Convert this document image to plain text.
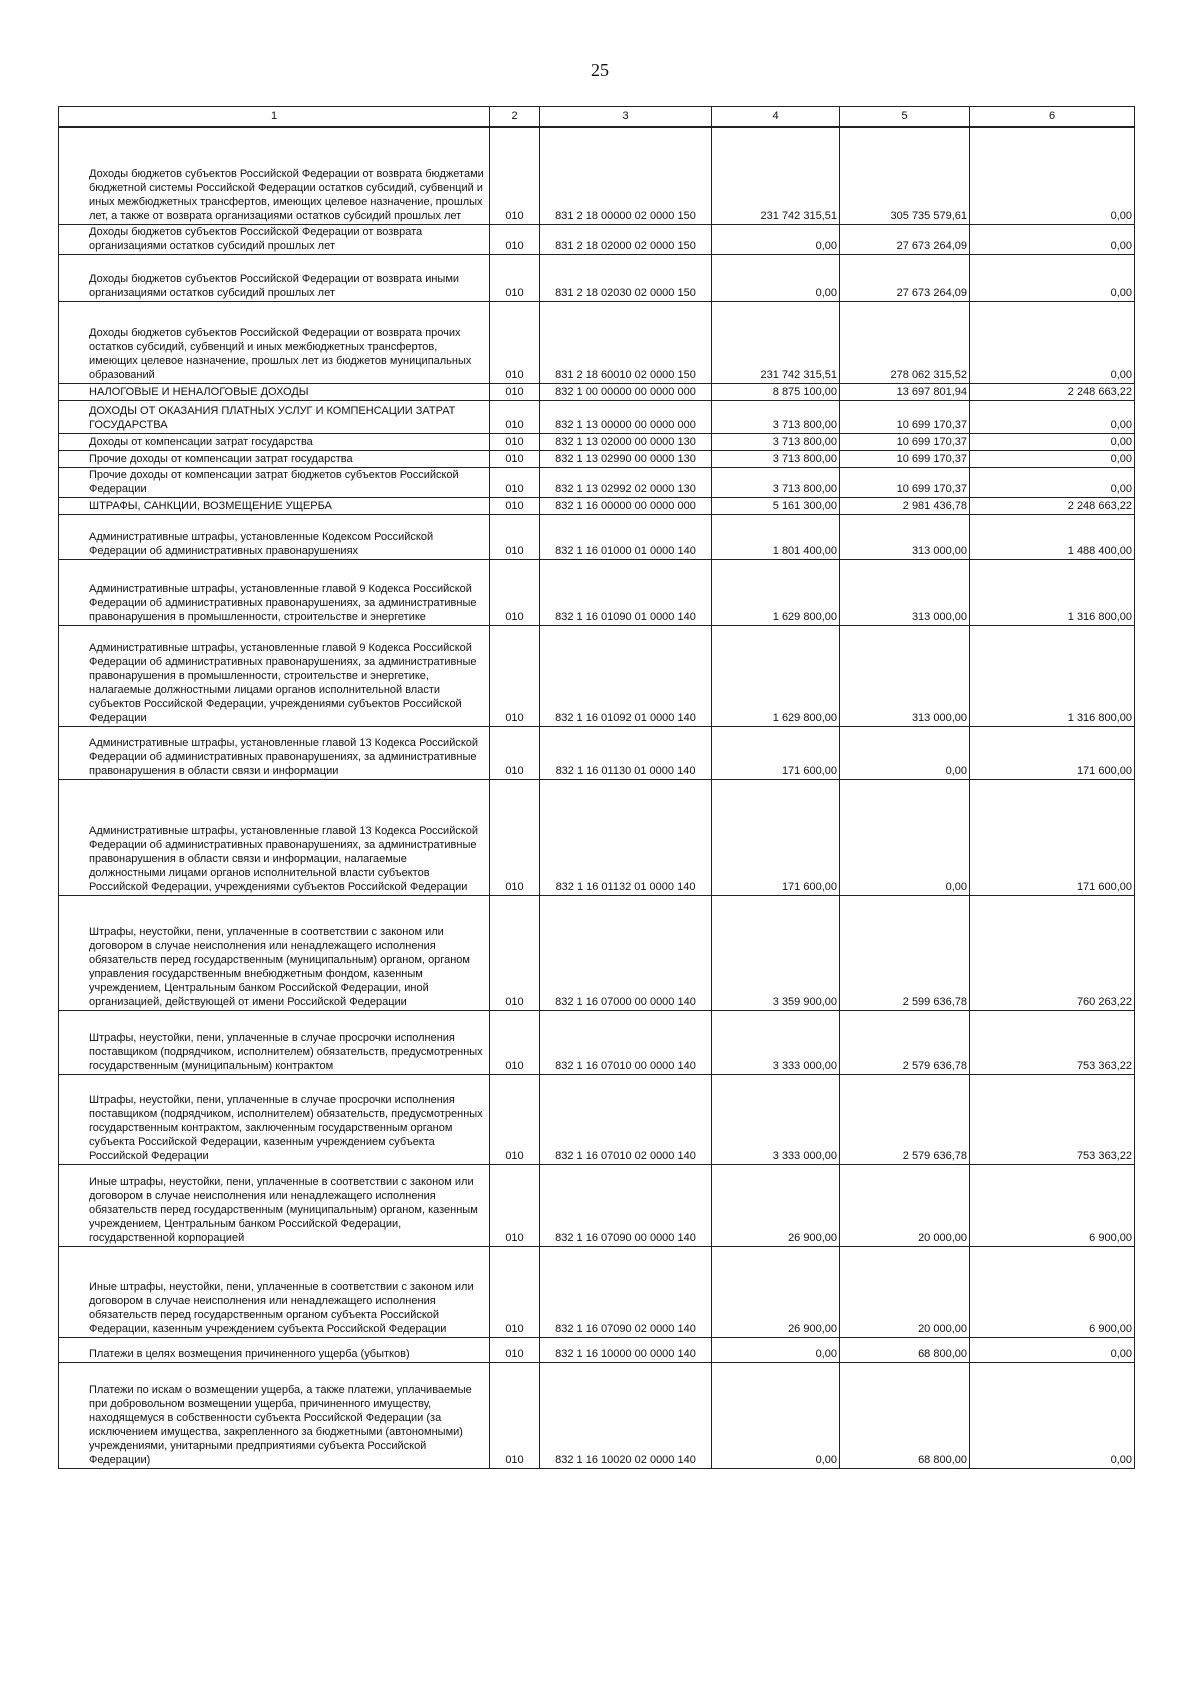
25
1	2	3	4	5	6
Доходы бюджетов субъектов Российской Федерации от возврата бюджетами бюджетной системы Российской Федерации остатков субсидий, субвенций и иных межбюджетных трансфертов, имеющих целевое назначение, прошлых лет, а также от возврата организациями остатков субсидий прошлых лет	010	831 2 18 00000 02 0000 150	231 742 315,51	305 735 579,61	0,00
Доходы бюджетов субъектов Российской Федерации от возврата организациями остатков субсидий прошлых лет	010	831 2 18 02000 02 0000 150	0,00	27 673 264,09	0,00
Доходы бюджетов субъектов Российской Федерации от возврата иными организациями остатков субсидий прошлых лет	010	831 2 18 02030 02 0000 150	0,00	27 673 264,09	0,00
Доходы бюджетов субъектов Российской Федерации от возврата прочих остатков субсидий, субвенций и иных межбюджетных трансфертов, имеющих целевое назначение, прошлых лет из бюджетов муниципальных образований	010	831 2 18 60010 02 0000 150	231 742 315,51	278 062 315,52	0,00
НАЛОГОВЫЕ И НЕНАЛОГОВЫЕ ДОХОДЫ	010	832 1 00 00000 00 0000 000	8 875 100,00	13 697 801,94	2 248 663,22
ДОХОДЫ ОТ ОКАЗАНИЯ ПЛАТНЫХ УСЛУГ И КОМПЕНСАЦИИ ЗАТРАТ ГОСУДАРСТВА	010	832 1 13 00000 00 0000 000	3 713 800,00	10 699 170,37	0,00
Доходы от компенсации затрат государства	010	832 1 13 02000 00 0000 130	3 713 800,00	10 699 170,37	0,00
Прочие доходы от компенсации затрат государства	010	832 1 13 02990 00 0000 130	3 713 800,00	10 699 170,37	0,00
Прочие доходы от компенсации затрат бюджетов субъектов Российской Федерации	010	832 1 13 02992 02 0000 130	3 713 800,00	10 699 170,37	0,00
ШТРАФЫ, САНКЦИИ, ВОЗМЕЩЕНИЕ УЩЕРБА	010	832 1 16 00000 00 0000 000	5 161 300,00	2 981 436,78	2 248 663,22
Административные штрафы, установленные Кодексом Российской Федерации об административных правонарушениях	010	832 1 16 01000 01 0000 140	1 801 400,00	313 000,00	1 488 400,00
Административные штрафы, установленные главой 9 Кодекса Российской Федерации об административных правонарушениях, за административные правонарушения в промышленности, строительстве и энергетике	010	832 1 16 01090 01 0000 140	1 629 800,00	313 000,00	1 316 800,00
Административные штрафы, установленные главой 9 Кодекса Российской Федерации об административных правонарушениях, за административные правонарушения в промышленности, строительстве и энергетике, налагаемые должностными лицами органов исполнительной власти субъектов Российской Федерации, учреждениями субъектов Российской Федерации	010	832 1 16 01092 01 0000 140	1 629 800,00	313 000,00	1 316 800,00
Административные штрафы, установленные главой 13 Кодекса Российской Федерации об административных правонарушениях, за административные правонарушения в области связи и информации	010	832 1 16 01130 01 0000 140	171 600,00	0,00	171 600,00
Административные штрафы, установленные главой 13 Кодекса Российской Федерации об административных правонарушениях, за административные правонарушения в области связи и информации, налагаемые должностными лицами органов исполнительной власти субъектов Российской Федерации, учреждениями субъектов Российской Федерации	010	832 1 16 01132 01 0000 140	171 600,00	0,00	171 600,00
Штрафы, неустойки, пени, уплаченные в соответствии с законом или договором в случае неисполнения или ненадлежащего исполнения обязательств перед государственным (муниципальным) органом, органом управления государственным внебюджетным фондом, казенным учреждением, Центральным банком Российской Федерации, иной организацией, действующей от имени Российской Федерации	010	832 1 16 07000 00 0000 140	3 359 900,00	2 599 636,78	760 263,22
Штрафы, неустойки, пени, уплаченные в случае просрочки исполнения поставщиком (подрядчиком, исполнителем) обязательств, предусмотренных государственным (муниципальным) контрактом	010	832 1 16 07010 00 0000 140	3 333 000,00	2 579 636,78	753 363,22
Штрафы, неустойки, пени, уплаченные в случае просрочки исполнения поставщиком (подрядчиком, исполнителем) обязательств, предусмотренных государственным контрактом, заключенным государственным органом субъекта Российской Федерации, казенным учреждением субъекта Российской Федерации	010	832 1 16 07010 02 0000 140	3 333 000,00	2 579 636,78	753 363,22
Иные штрафы, неустойки, пени, уплаченные в соответствии с законом или договором в случае неисполнения или ненадлежащего исполнения обязательств перед государственным (муниципальным) органом, казенным учреждением, Центральным банком Российской Федерации, государственной корпорацией	010	832 1 16 07090 00 0000 140	26 900,00	20 000,00	6 900,00
Иные штрафы, неустойки, пени, уплаченные в соответствии с законом или договором в случае неисполнения или ненадлежащего исполнения обязательств перед государственным органом субъекта Российской Федерации, казенным учреждением субъекта Российской Федерации	010	832 1 16 07090 02 0000 140	26 900,00	20 000,00	6 900,00
Платежи в целях возмещения причиненного ущерба (убытков)	010	832 1 16 10000 00 0000 140	0,00	68 800,00	0,00
Платежи по искам о возмещении ущерба, а также платежи, уплачиваемые при добровольном возмещении ущерба, причиненного имуществу, находящемуся в собственности субъекта Российской Федерации (за исключением имущества, закрепленного за бюджетными (автономными) учреждениями, унитарными предприятиями субъекта Российской Федерации)	010	832 1 16 10020 02 0000 140	0,00	68 800,00	0,00
